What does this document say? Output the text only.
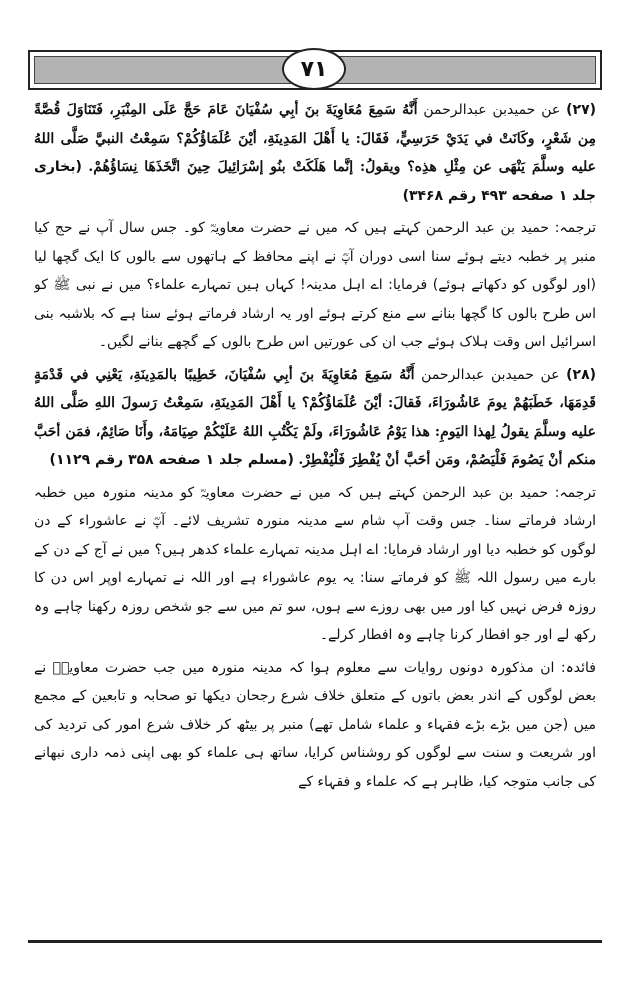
۷۱

(۲۷) عن حمیدبن عبدالرحمن أَنَّهُ سَمِعَ مُعَاوِيَةَ بنَ أبِي سُفْيَانَ عَامَ حَجَّ عَلَى المِنْبَرِ، فَتَنَاوَلَ قُصَّةً مِن شَعْرٍ، وكَانَتْ في يَدَيْ حَرَسِيٍّ، فَقَالَ: يا أَهْلَ المَدِينَةِ، أيْنَ عُلَمَاؤُكُمْ؟ سَمِعْتُ النبيَّ صَلَّى اللهُ عليه وسلَّمَ يَنْهَى عن مِثْلِ هذِه؟ ويقولُ: إنَّما هَلَكَتْ بنُو إسْرَائِيلَ حِينَ اتَّخَذَهَا نِسَاؤُهُمْ. (بخاری جلد ۱ صفحه ۴۹۳ رقم ۳۴۶۸)

ترجمہ: حمید بن عبد الرحمن کہتے ہیں کہ میں نے حضرت معاویہؓ کو۔ جس سال آپ نے حج کیا منبر پر خطبہ دیتے ہوئے سنا اسی دوران آپؓ نے اپنے محافظ کے ہاتھوں سے بالوں کا ایک گچھا لیا (اور لوگوں کو دکھاتے ہوئے) فرمایا: اے اہل مدینہ! کہاں ہیں تمہارے علماء؟ میں نے نبی ﷺ کو اس طرح بالوں کا گچھا بنانے سے منع کرتے ہوئے اور یہ ارشاد فرماتے ہوئے سنا ہے کہ بلاشبہ بنی اسرائیل اس وقت ہلاک ہوئے جب ان کی عورتیں اس طرح بالوں کے گچھے بنانے لگیں۔

(۲۸) عن حمیدبن عبدالرحمن أَنَّهُ سَمِعَ مُعَاوِيَةَ بنَ أبِي سُفْيَانَ، خَطِيبًا بالمَدِينَةِ، يَعْنِي في قَدْمَةٍ قَدِمَهَا، خَطَبَهُمْ يومَ عَاشُورَاءَ، فَقالَ: أيْنَ عُلَمَاؤُكُمْ؟ يا أَهْلَ المَدِينَةِ، سَمِعْتُ رَسولَ اللهِ صَلَّى اللهُ عليه وسلَّمَ يقولُ لِهذا اليَومِ: هذا يَوْمُ عَاشُورَاءَ، ولَمْ يَكْتُبِ اللهُ عَلَيْكُمْ صِيَامَهُ، وأَنَا صَائِمٌ، فمَن أحَبَّ منكم أنْ يَصُومَ فَلْيَصُمْ، ومَن أحَبَّ أنْ يُفْطِرَ فَلْيُفْطِرْ. (مسلم جلد ۱ صفحه ۳۵۸ رقم ۱۱۲۹)

ترجمہ: حمید بن عبد الرحمن کہتے ہیں کہ میں نے حضرت معاویہؓ کو مدینہ منورہ میں خطبہ ارشاد فرماتے سنا۔ جس وقت آپ شام سے مدینہ منورہ تشریف لائے۔ آپؓ نے عاشوراء کے دن لوگوں کو خطبہ دیا اور ارشاد فرمایا: اے اہل مدینہ تمہارے علماء کدھر ہیں؟ میں نے آج کے دن کے بارے میں رسول اللہ ﷺ کو فرماتے سنا: یہ یوم عاشوراء ہے اور اللہ نے تمہارے اوپر اس دن کا روزہ فرض نہیں کیا اور میں بھی روزے سے ہوں، سو تم میں سے جو شخص روزہ رکھنا چاہے وہ رکھ لے اور جو افطار کرنا چاہے وہ افطار کرلے۔

فائدہ: ان مذکورہ دونوں روایات سے معلوم ہوا کہ مدینہ منورہ میں جب حضرت معاویہؓ نے بعض لوگوں کے اندر بعض باتوں کے متعلق خلاف شرع رجحان دیکھا تو صحابہ و تابعین کے مجمع میں (جن میں بڑے بڑے فقہاء و علماء شامل تھے) منبر پر بیٹھ کر خلاف شرع امور کی تردید کی اور شریعت و سنت سے لوگوں کو روشناس کرایا، ساتھ ہی علماء کو بھی اپنی ذمہ داری نبھانے کی جانب متوجہ کیا، ظاہر ہے کہ علماء و فقہاء کے
